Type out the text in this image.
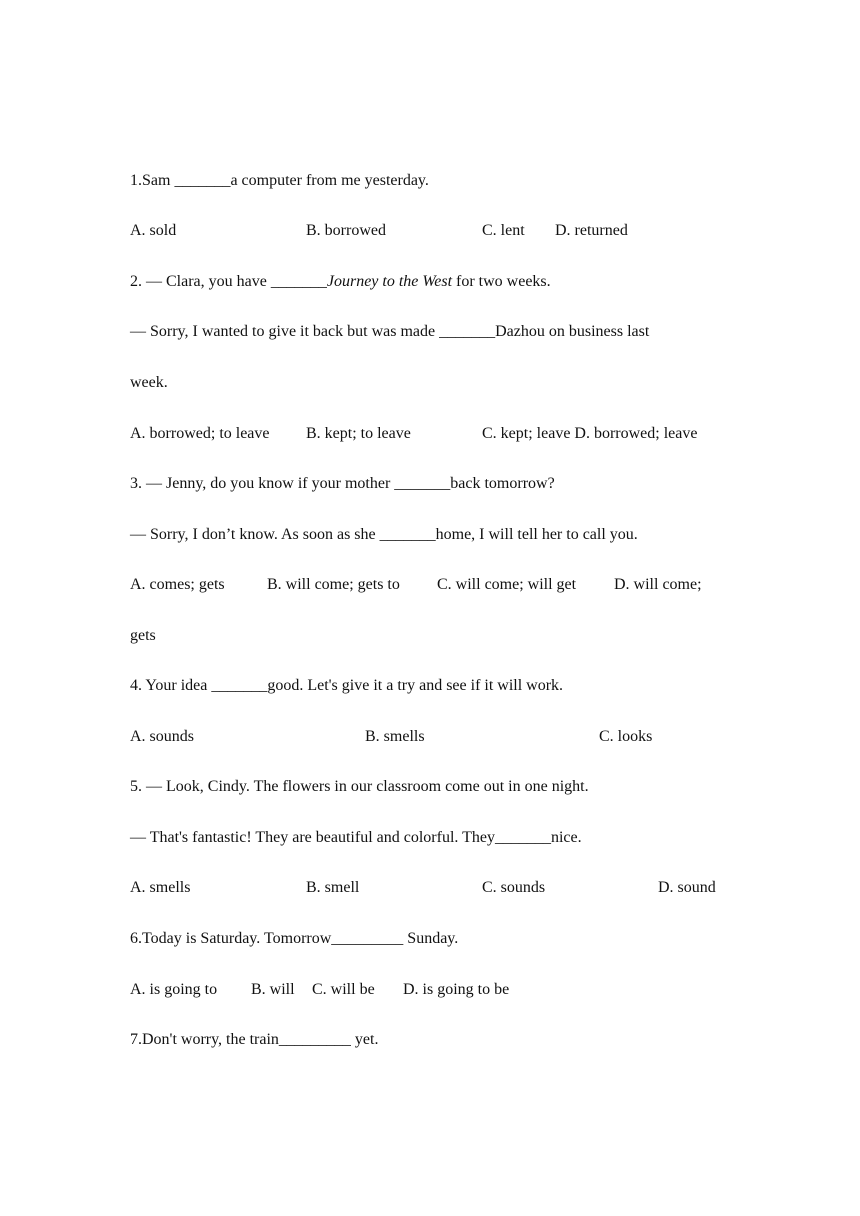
1.Sam _______a computer from me yesterday.
A. sold	B. borrowed	C. lent D. returned
2. — Clara, you have _______Journey to the West for two weeks.
— Sorry, I wanted to give it back but was made _______Dazhou on business last
week.
A. borrowed; to leave B. kept; to leave	C. kept; leave D. borrowed; leave
3. — Jenny, do you know if your mother _______back tomorrow?
— Sorry, I don’t know. As soon as she _______home, I will tell her to call you.
A. comes; gets	B. will come; gets to C. will come; will get D. will come;
gets
4. Your idea _______good. Let's give it a try and see if it will work.
A. sounds	B. smells	C. looks
5. — Look, Cindy. The flowers in our classroom come out in one night.
— That's fantastic! They are beautiful and colorful. They_______nice.
A. smells	B. smell	C. sounds	D. sound
6.Today is Saturday. Tomorrow_________ Sunday.
A. is going to B. will C. will be D. is going to be
7.Don't worry, the train_________ yet.
